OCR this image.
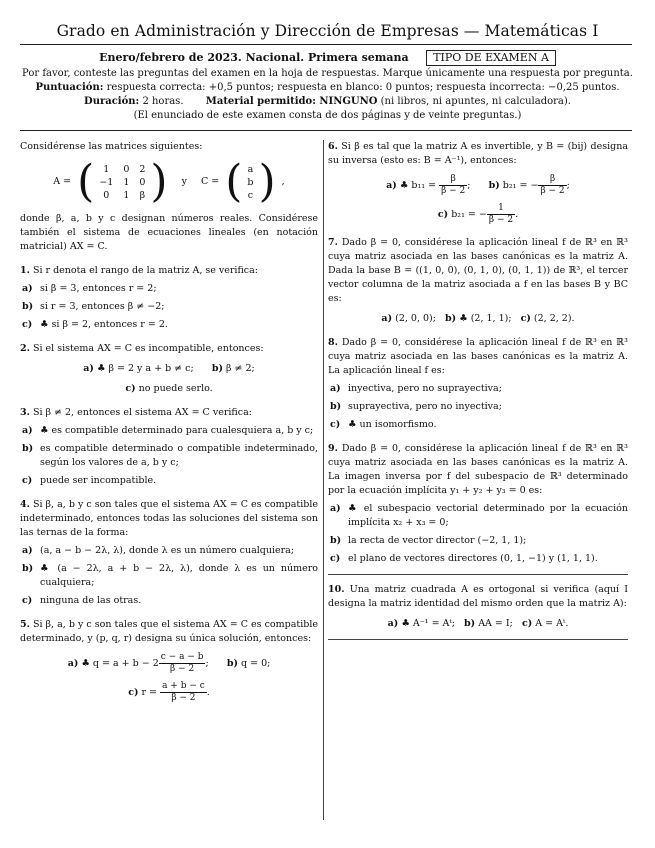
Grado en Administración y Dirección de Empresas — Matemáticas I
Enero/febrero de 2023. Nacional. Primera semana TIPO DE EXAMEN A
Por favor, conteste las preguntas del examen en la hoja de respuestas. Marque únicamente una respuesta por pregunta.
Puntuación: respuesta correcta: +0,5 puntos; respuesta en blanco: 0 puntos; respuesta incorrecta: −0,25 puntos.
Duración: 2 horas. Material permitido: NINGUNO (ni libros, ni apuntes, ni calculadora).
(El enunciado de este examen consta de dos páginas y de veinte preguntas.)

Considérense las matrices siguientes:

A = ( 1	0	2
−1	1	0
0	1	β ) y C = ( a
b
c ) ,

donde β, a, b y c designan números reales. Considérese también el sistema de ecuaciones lineales (en notación matricial) AX = C.

1. Si r denota el rango de la matriz A, se verifica:

a) si β = 3, entonces r = 2;
b) si r = 3, entonces β ≠ −2;
c) ♣ si β = 2, entonces r = 2.

2. Si el sistema AX = C es incompatible, entonces:

a) ♣ β = 2 y a + b ≠ c; b) β ≠ 2;
c) no puede serlo.

3. Si β ≠ 2, entonces el sistema AX = C verifica:

a) ♣ es compatible determinado para cualesquiera a, b y c;
b) es compatible determinado o compatible indeterminado, según los valores de a, b y c;
c) puede ser incompatible.

4. Si β, a, b y c son tales que el sistema AX = C es compatible indeterminado, entonces todas las soluciones del sistema son las ternas de la forma:

a) (a, a − b − 2λ, λ), donde λ es un número cualquiera;
b) ♣ (a − 2λ, a + b − 2λ, λ), donde λ es un número cualquiera;
c) ninguna de las otras.

5. Si β, a, b y c son tales que el sistema AX = C es compatible determinado, y (p, q, r) designa su única solución, entonces:

a) ♣ $q = a + b - 2 \frac{c - a - b}{\beta - 2}$ ; b) q = 0;
c) $r = \frac{a + b - c}{\beta - 2}$ .

6. Si β es tal que la matriz A es invertible, y B = (bij) designa su inversa (esto es: B = A⁻¹), entonces:

a) ♣ $b_{11} = \frac{\beta}{\beta - 2}$ ; b) b₂₁ = − $\frac{\beta}{\beta - 2}$ ;
c) b₂₁ = − $\frac{1}{\beta - 2}$ .

7. Dado β = 0, considérese la aplicación lineal f de ℝ³ en ℝ³ cuya matriz asociada en las bases canónicas es la matriz A. Dada la base B = ((1, 0, 0), (0, 1, 0), (0, 1, 1)) de ℝ³, el tercer vector columna de la matriz asociada a f en las bases B y BC es:

a) (2, 0, 0); b) ♣ (2, 1, 1); c) (2, 2, 2).

8. Dado β = 0, considérese la aplicación lineal f de ℝ³ en ℝ³ cuya matriz asociada en las bases canónicas es la matriz A. La aplicación lineal f es:

a) inyectiva, pero no suprayectiva;
b) suprayectiva, pero no inyectiva;
c) ♣ un isomorfismo.

9. Dado β = 0, considérese la aplicación lineal f de ℝ³ en ℝ³ cuya matriz asociada en las bases canónicas es la matriz A. La imagen inversa por f del subespacio de ℝ³ determinado por la ecuación implícita y₁ + y₂ + y₃ = 0 es:

a) ♣ el subespacio vectorial determinado por la ecuación implícita x₂ + x₃ = 0;
b) la recta de vector director (−2, 1, 1);
c) el plano de vectores directores (0, 1, −1) y (1, 1, 1).

10. Una matriz cuadrada A es ortogonal si verifica (aquí I designa la matriz identidad del mismo orden que la matriz A):

a) ♣ A⁻¹ = Aᵗ; b) AA = I; c) A = Aᵗ.
